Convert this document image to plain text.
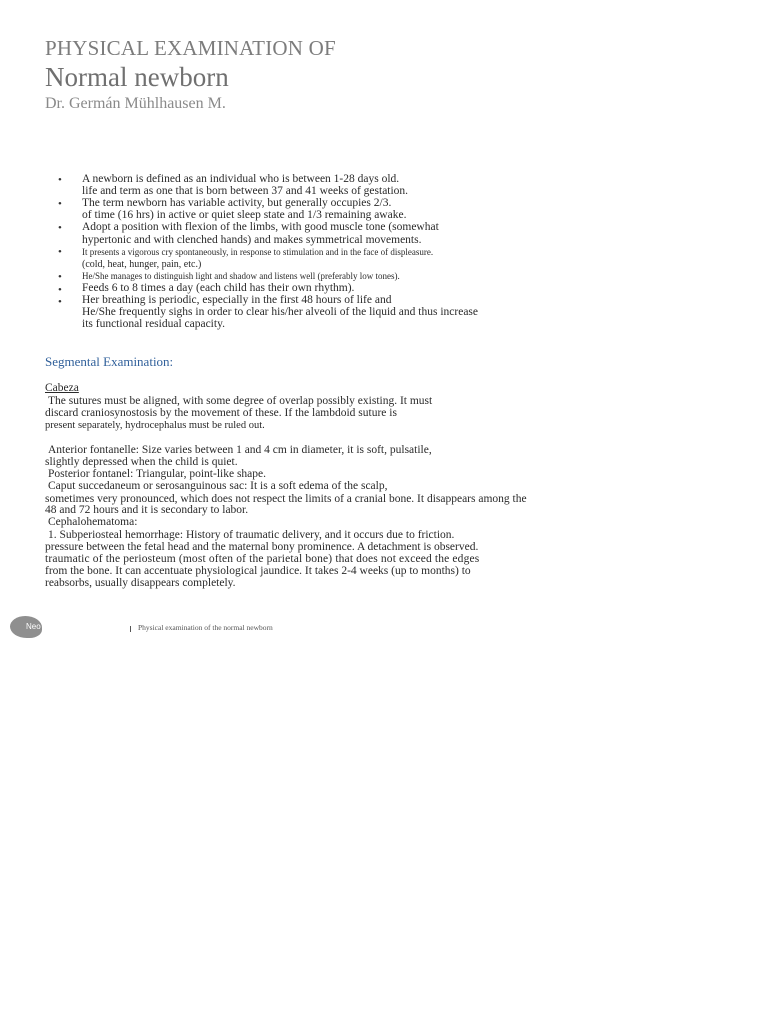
PHYSICAL EXAMINATION OF
Normal newborn
Dr. Germán Mühlhausen M.
• A newborn is defined as an individual who is between 1-28 days old.
life and term as one that is born between 37 and 41 weeks of gestation.
• The term newborn has variable activity, but generally occupies 2/3.
of time (16 hrs) in active or quiet sleep state and 1/3 remaining awake.
• Adopt a position with flexion of the limbs, with good muscle tone (somewhat
hypertonic and with clenched hands) and makes symmetrical movements.
• It presents a vigorous cry spontaneously, in response to stimulation and in the face of displeasure.
(cold, heat, hunger, pain, etc.)
• He/She manages to distinguish light and shadow and listens well (preferably low tones).
• Feeds 6 to 8 times a day (each child has their own rhythm).
• Her breathing is periodic, especially in the first 48 hours of life and
He/She frequently sighs in order to clear his/her alveoli of the liquid and thus increase
its functional residual capacity.
Segmental Examination:
Cabeza
The sutures must be aligned, with some degree of overlap possibly existing. It must
discard craniosynostosis by the movement of these. If the lambdoid suture is
present separately, hydrocephalus must be ruled out.
Anterior fontanelle: Size varies between 1 and 4 cm in diameter, it is soft, pulsatile,
slightly depressed when the child is quiet.
Posterior fontanel: Triangular, point-like shape.
Caput succedaneum or serosanguinous sac: It is a soft edema of the scalp,
sometimes very pronounced, which does not respect the limits of a cranial bone. It disappears among the
48 and 72 hours and it is secondary to labor.
Cephalohematoma:
1. Subperiosteal hemorrhage: History of traumatic delivery, and it occurs due to friction.
pressure between the fetal head and the maternal bony prominence. A detachment is observed.
traumatic of the periosteum (most often of the parietal bone) that does not exceed the edges
from the bone. It can accentuate physiological jaundice. It takes 2-4 weeks (up to months) to
reabsorbs, usually disappears completely.
Neo	Physical examination of the normal newborn
